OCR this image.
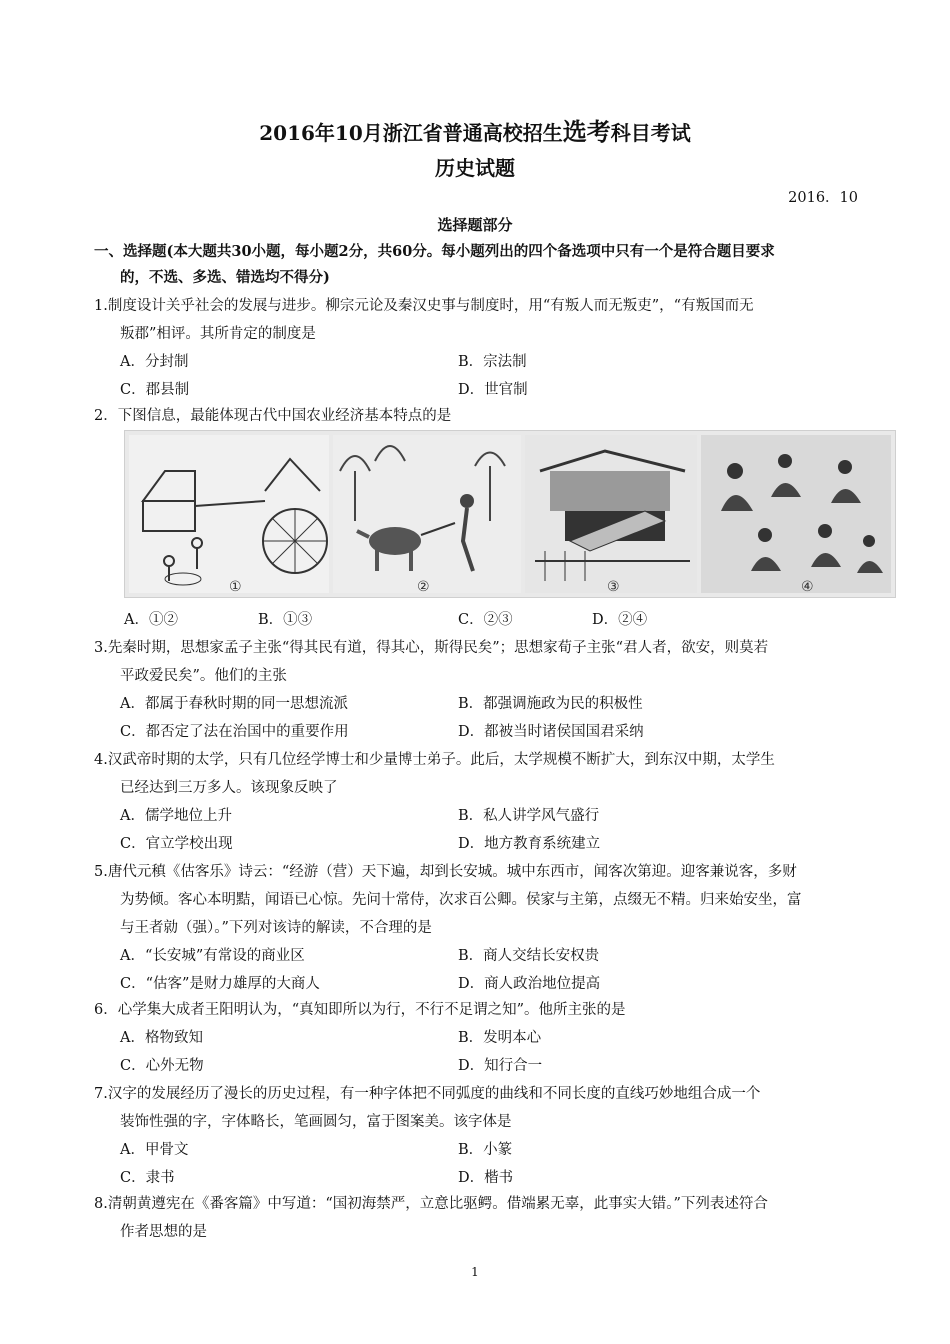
2016年10月浙江省普通高校招生选考科目考试
历史试题
2016．10
选择题部分
一、选择题(本大题共30小题，每小题2分，共60分。每小题列出的四个备选项中只有一个是符合题目要求
的，不选、多选、错选均不得分)
1.制度设计关乎社会的发展与进步。柳宗元论及秦汉史事与制度时，用“有叛人而无叛吏”，“有叛国而无
叛郡”相评。其所肯定的制度是
A．分封制	B．宗法制
C．郡县制	D．世官制
2．下图信息，最能体现古代中国农业经济基本特点的是
①	②	③	④
A．①②	B．①③	C．②③	D．②④
3.先秦时期，思想家孟子主张“得其民有道，得其心，斯得民矣”；思想家荀子主张“君人者，欲安，则莫若
平政爱民矣”。他们的主张
A．都属于春秋时期的同一思想流派	B．都强调施政为民的积极性
C．都否定了法在治国中的重要作用	D．都被当时诸侯国国君采纳
4.汉武帝时期的太学，只有几位经学博士和少量博士弟子。此后，太学规模不断扩大，到东汉中期，太学生
已经达到三万多人。该现象反映了
A．儒学地位上升	B．私人讲学风气盛行
C．官立学校出现	D．地方教育系统建立
5.唐代元稹《估客乐》诗云：“经游（营）天下遍，却到长安城。城中东西市，闻客次第迎。迎客兼说客，多财
为势倾。客心本明黠，闻语已心惊。先问十常侍，次求百公卿。侯家与主第，点缀无不精。归来始安坐，富
与王者勍（强）。”下列对该诗的解读，不合理的是
A．“长安城”有常设的商业区	B．商人交结长安权贵
C．“估客”是财力雄厚的大商人	D．商人政治地位提高
6．心学集大成者王阳明认为，“真知即所以为行，不行不足谓之知”。他所主张的是
A．格物致知	B．发明本心
C．心外无物	D．知行合一
7.汉字的发展经历了漫长的历史过程，有一种字体把不同弧度的曲线和不同长度的直线巧妙地组合成一个
装饰性强的字，字体略长，笔画圆匀，富于图案美。该字体是
A．甲骨文	B．小篆
C．隶书	D．楷书
8.清朝黄遵宪在《番客篇》中写道：“国初海禁严，立意比驱鳄。借端累无辜，此事实大错。”下列表述符合
作者思想的是
1
